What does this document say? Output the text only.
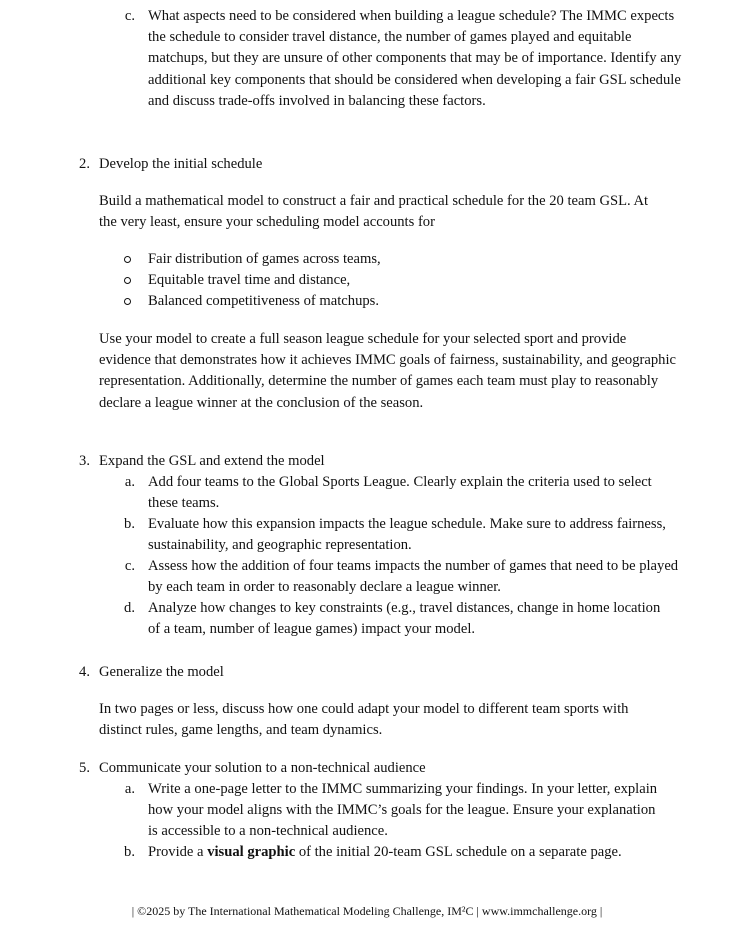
c. What aspects need to be considered when building a league schedule? The IMMC expects the schedule to consider travel distance, the number of games played and equitable matchups, but they are unsure of other components that may be of importance. Identify any additional key components that should be considered when developing a fair GSL schedule and discuss trade-offs involved in balancing these factors.
2. Develop the initial schedule
Build a mathematical model to construct a fair and practical schedule for the 20 team GSL. At the very least, ensure your scheduling model accounts for
Fair distribution of games across teams,
Equitable travel time and distance,
Balanced competitiveness of matchups.
Use your model to create a full season league schedule for your selected sport and provide evidence that demonstrates how it achieves IMMC goals of fairness, sustainability, and geographic representation. Additionally, determine the number of games each team must play to reasonably declare a league winner at the conclusion of the season.
3. Expand the GSL and extend the model
a. Add four teams to the Global Sports League. Clearly explain the criteria used to select these teams.
b. Evaluate how this expansion impacts the league schedule. Make sure to address fairness, sustainability, and geographic representation.
c. Assess how the addition of four teams impacts the number of games that need to be played by each team in order to reasonably declare a league winner.
d. Analyze how changes to key constraints (e.g., travel distances, change in home location of a team, number of league games) impact your model.
4. Generalize the model
In two pages or less, discuss how one could adapt your model to different team sports with distinct rules, game lengths, and team dynamics.
5. Communicate your solution to a non-technical audience
a. Write a one-page letter to the IMMC summarizing your findings. In your letter, explain how your model aligns with the IMMC’s goals for the league. Ensure your explanation is accessible to a non-technical audience.
b. Provide a visual graphic of the initial 20-team GSL schedule on a separate page.
| ©2025 by The International Mathematical Modeling Challenge, IM²C | www.immchallenge.org |
